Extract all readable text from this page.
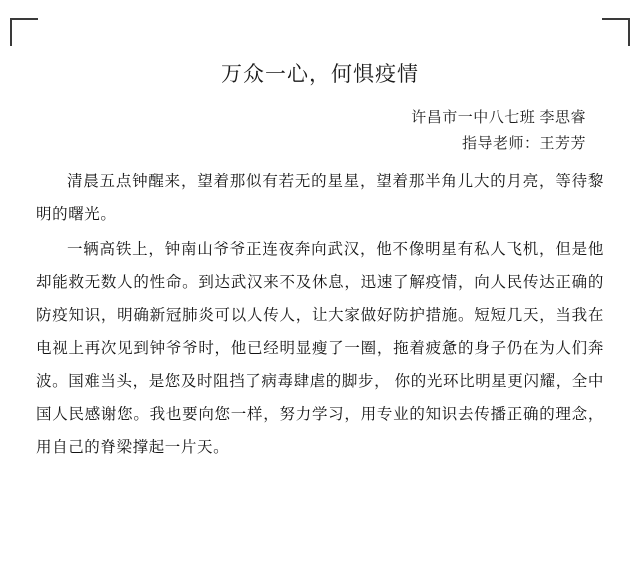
万众一心，何惧疫情
许昌市一中八七班 李思睿
指导老师：王芳芳

清晨五点钟醒来，望着那似有若无的星星，望着那半角儿大的月亮，等待黎明的曙光。

一辆高铁上，钟南山爷爷正连夜奔向武汉，他不像明星有私人飞机，但是他却能救无数人的性命。到达武汉来不及休息，迅速了解疫情，向人民传达正确的防疫知识，明确新冠肺炎可以人传人，让大家做好防护措施。短短几天，当我在电视上再次见到钟爷爷时，他已经明显瘦了一圈，拖着疲惫的身子仍在为人们奔波。国难当头，是您及时阻挡了病毒肆虐的脚步， 你的光环比明星更闪耀，全中国人民感谢您。我也要向您一样，努力学习，用专业的知识去传播正确的理念，用自己的脊梁撑起一片天。
